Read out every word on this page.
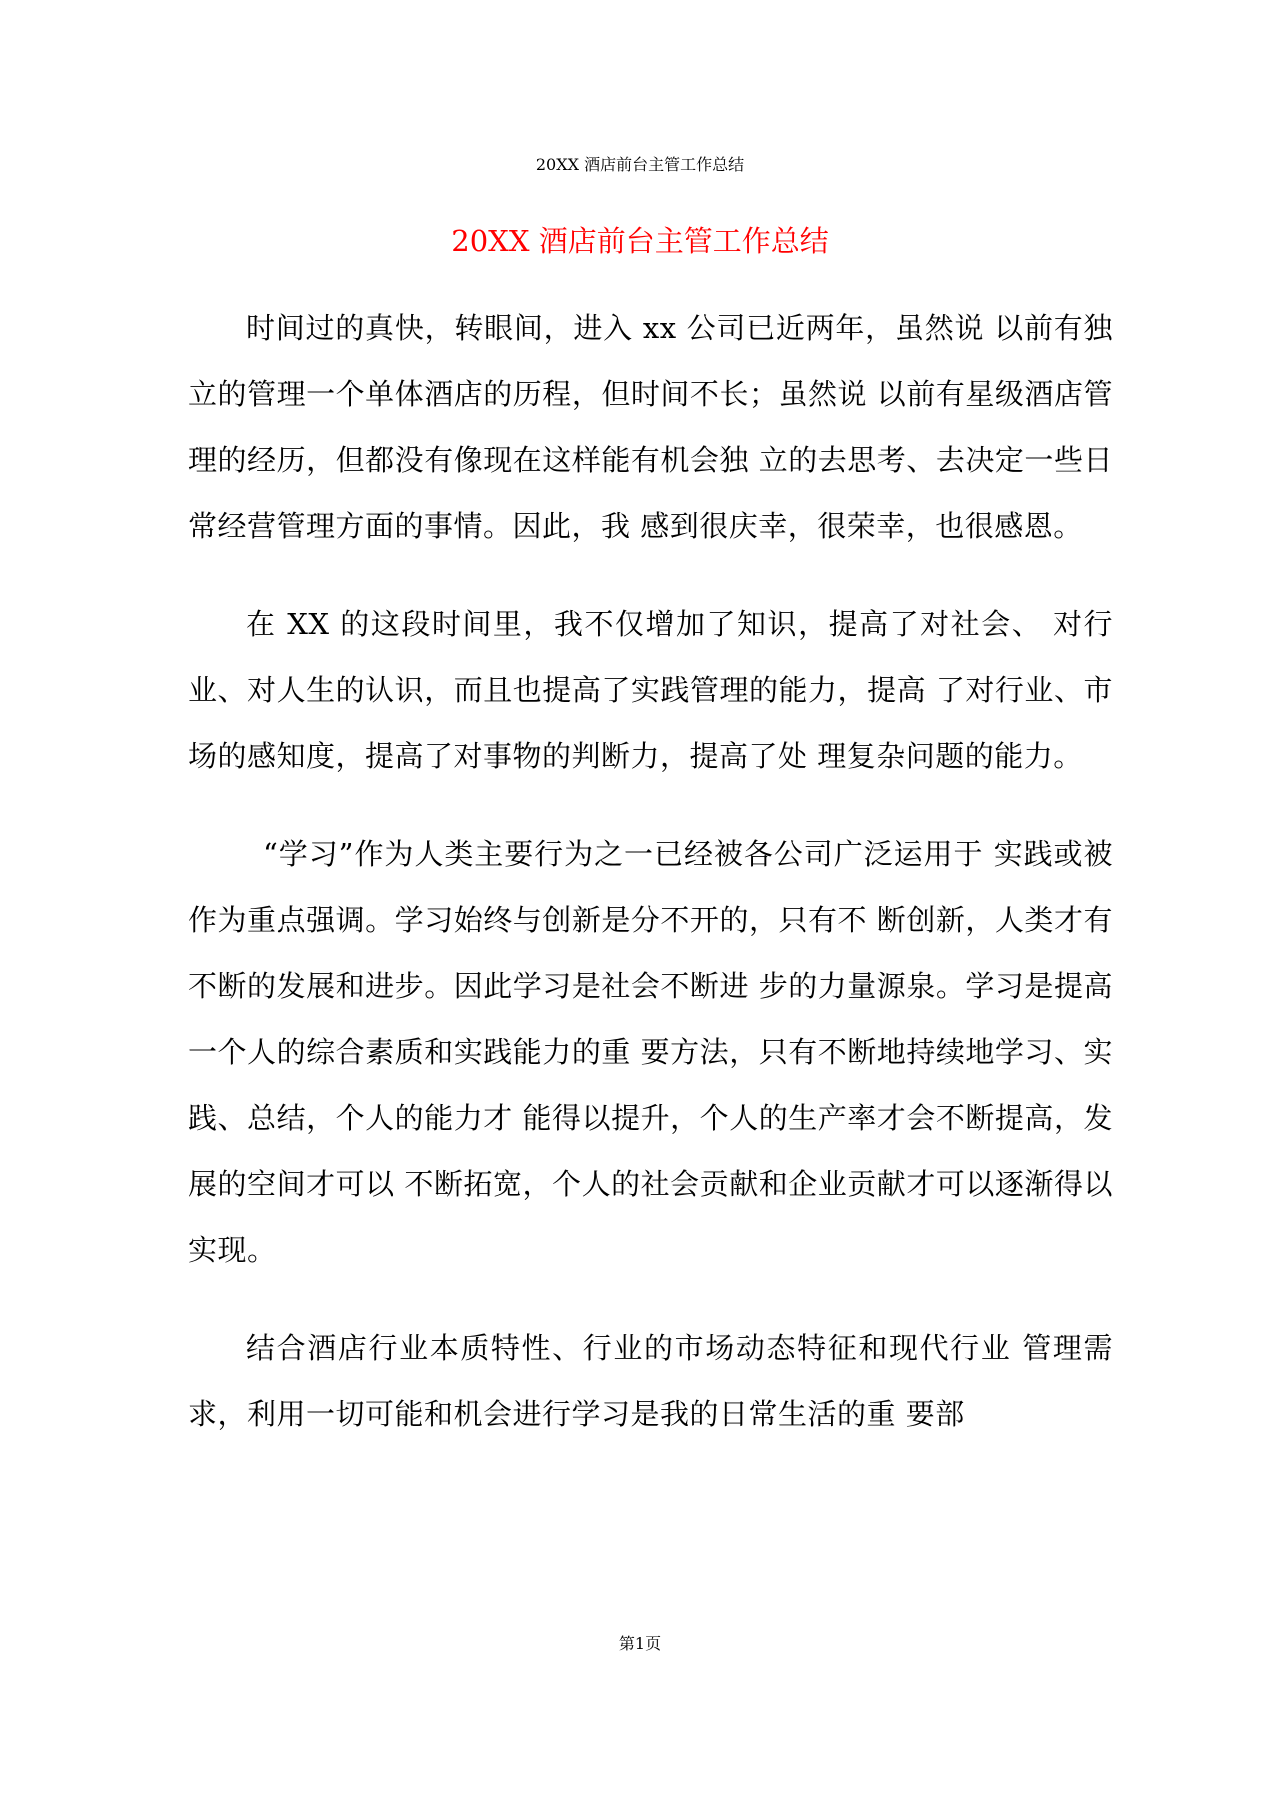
20XX 酒店前台主管工作总结
20XX 酒店前台主管工作总结

时间过的真快，转眼间，进入 xx 公司已近两年，虽然说 以前有独立的管理一个单体酒店的历程，但时间不长；虽然说 以前有星级酒店管理的经历，但都没有像现在这样能有机会独 立的去思考、去决定一些日常经营管理方面的事情。因此，我 感到很庆幸，很荣幸，也很感恩。

在 XX 的这段时间里，我不仅增加了知识，提高了对社会、 对行业、对人生的认识，而且也提高了实践管理的能力，提高 了对行业、市场的感知度，提高了对事物的判断力，提高了处 理复杂问题的能力。

“学习”作为人类主要行为之一已经被各公司广泛运用于 实践或被作为重点强调。学习始终与创新是分不开的，只有不 断创新，人类才有不断的发展和进步。因此学习是社会不断进 步的力量源泉。学习是提高一个人的综合素质和实践能力的重 要方法，只有不断地持续地学习、实践、总结，个人的能力才 能得以提升，个人的生产率才会不断提高，发展的空间才可以 不断拓宽，个人的社会贡献和企业贡献才可以逐渐得以实现。

结合酒店行业本质特性、行业的市场动态特征和现代行业 管理需求，利用一切可能和机会进行学习是我的日常生活的重 要部

第1页
